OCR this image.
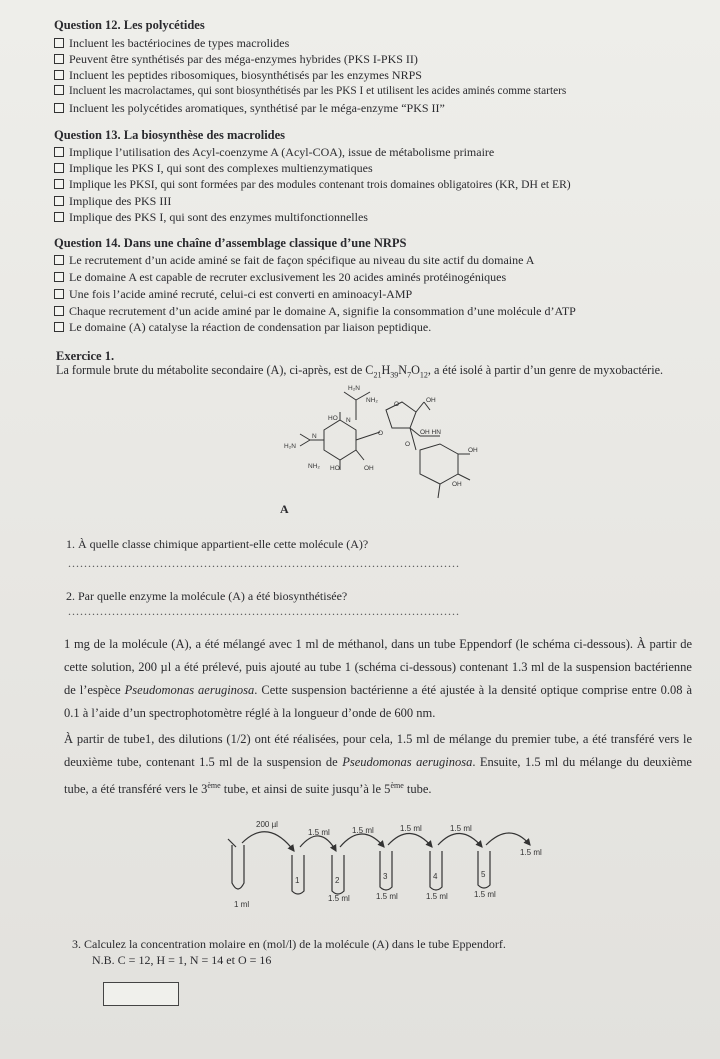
Question 12. Les polycétides
Incluent les bactériocines de types macrolides
Peuvent être synthétisés par des méga-enzymes hybrides (PKS I-PKS II)
Incluent les peptides ribosomiques, biosynthétisés par les enzymes NRPS
Incluent les macrolactames, qui sont biosynthétisés par les PKS I et utilisent les acides aminés comme starters
Incluent les polycétides aromatiques, synthétisé par le méga-enzyme “PKS II”
Question 13. La biosynthèse des macrolides
Implique l’utilisation des Acyl-coenzyme A (Acyl-COA), issue de métabolisme primaire
Implique les PKS I, qui sont des complexes multienzymatiques
Implique les PKSI, qui sont formées par des modules contenant trois domaines obligatoires (KR, DH et ER)
Implique des PKS III
Implique des PKS I, qui sont des enzymes multifonctionnelles
Question 14. Dans une chaîne d’assemblage classique d’une NRPS
Le recrutement d’un acide aminé se fait de façon spécifique au niveau du site actif du domaine A
Le domaine A est capable de recruter exclusivement les 20 acides aminés protéinogéniques
Une fois l’acide aminé recruté, celui-ci est converti en aminoacyl-AMP
Chaque recrutement d’un acide aminé par le domaine A, signifie la consommation d’une molécule d’ATP
Le domaine (A) catalyse la réaction de condensation par liaison peptidique.
Exercice 1.
La formule brute du métabolite secondaire (A), ci-après, est de $C_{21}H_{39}N_7O_{12}$, a été isolé à partir d’un genre de myxobactérie.
H₂N
NH₂
HO N
H₂N
N
NH₂ HO	OH
O
O
OH HN
O
OH
OH
OH
A
1. À quelle classe chimique appartient-elle cette molécule (A)?
..................................................................................................
2. Par quelle enzyme la molécule (A) a été biosynthétisée?
..................................................................................................
1 mg de la molécule (A), a été mélangé avec 1 ml de méthanol, dans un tube Eppendorf (le schéma ci-dessous). À partir de cette solution, 200 µl a été prélevé, puis ajouté au tube 1 (schéma ci-dessous) contenant 1.3 ml de la suspension bactérienne de l’espèce Pseudomonas aeruginosa. Cette suspension bactérienne a été ajustée à la densité optique comprise entre 0.08 à 0.1 à l’aide d’un spectrophotomètre réglé à la longueur d’onde de 600 nm.
À partir de tube1, des dilutions (1/2) ont été réalisées, pour cela, 1.5 ml de mélange du premier tube, a été transféré vers le deuxième tube, contenant 1.5 ml de la suspension de Pseudomonas aeruginosa. Ensuite, 1.5 ml du mélange du deuxième tube, a été transféré vers le 3ème tube, et ainsi de suite jusqu’à le 5ème tube.
200 µl
1.5 ml	1.5 ml	1.5 ml	1.5 ml
1.5 ml
1	2	3	4	5
1 ml
1.5 ml	1.5 ml	1.5 ml	1.5 ml
3. Calculez la concentration molaire en (mol/l) de la molécule (A) dans le tube Eppendorf.
N.B. C = 12, H = 1, N = 14 et O = 16
